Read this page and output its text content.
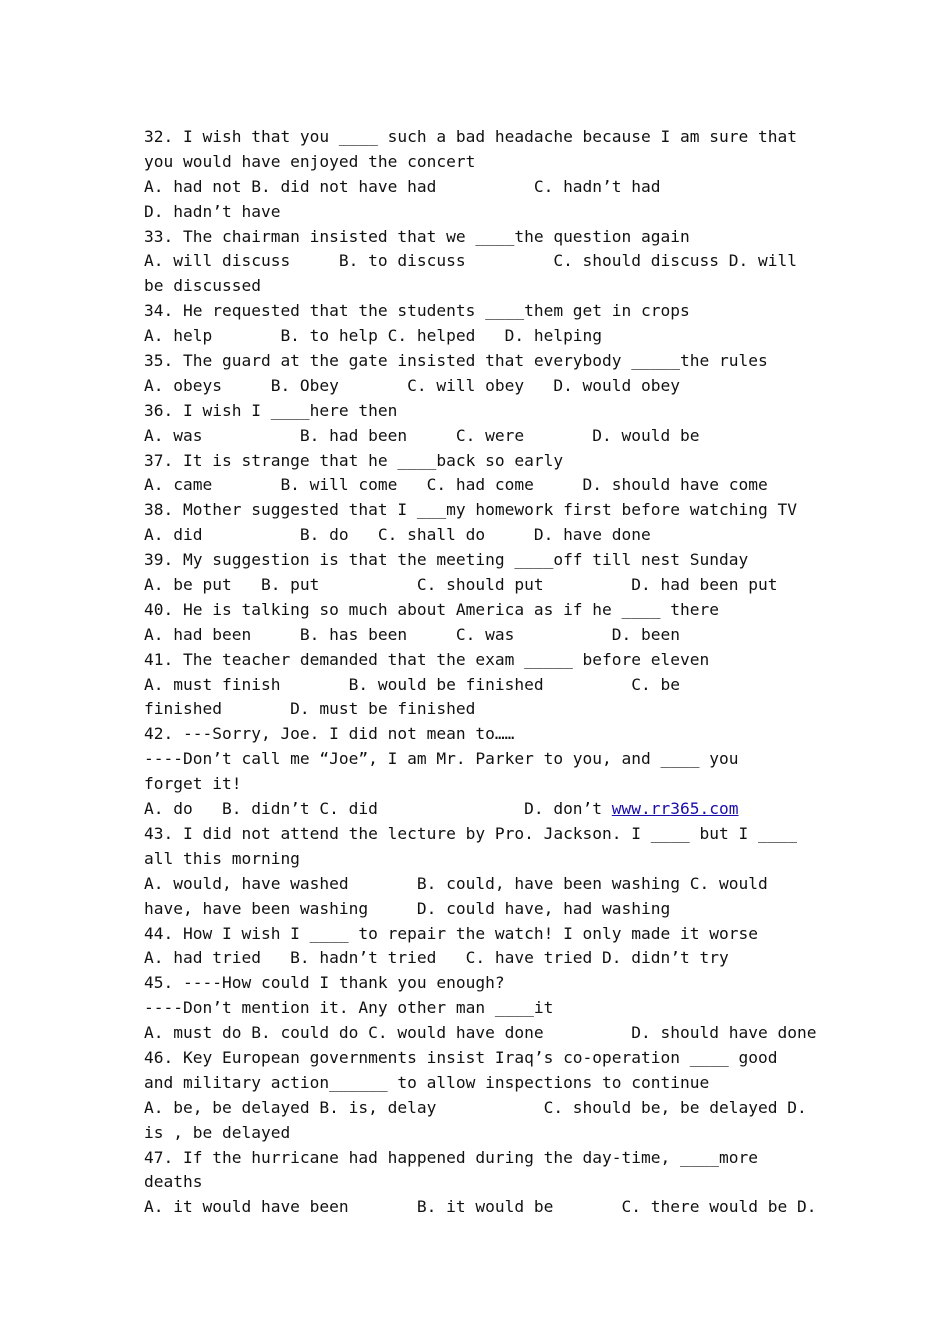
32. I wish that you ____ such a bad headache because I am sure that
you would have enjoyed the concert
A. had not B. did not have had          C. hadn’t had
D. hadn’t have
33. The chairman insisted that we ____the question again
A. will discuss     B. to discuss         C. should discuss D. will
be discussed
34. He requested that the students ____them get in crops
A. help       B. to help C. helped   D. helping
35. The guard at the gate insisted that everybody _____the rules
A. obeys     B. Obey       C. will obey   D. would obey
36. I wish I ____here then
A. was          B. had been     C. were       D. would be
37. It is strange that he ____back so early
A. came       B. will come   C. had come     D. should have come
38. Mother suggested that I ___my homework first before watching TV
A. did          B. do   C. shall do     D. have done
39. My suggestion is that the meeting ____off till nest Sunday
A. be put   B. put          C. should put         D. had been put
40. He is talking so much about America as if he ____ there
A. had been     B. has been     C. was          D. been
41. The teacher demanded that the exam _____ before eleven
A. must finish       B. would be finished         C. be
finished       D. must be finished
42. ---Sorry, Joe. I did not mean to……
----Don’t call me “Joe”, I am Mr. Parker to you, and ____ you
forget it!
A. do   B. didn’t C. did               D. don’t www.rr365.com
43. I did not attend the lecture by Pro. Jackson. I ____ but I ____
all this morning
A. would, have washed       B. could, have been washing C. would
have, have been washing     D. could have, had washing
44. How I wish I ____ to repair the watch! I only made it worse
A. had tried   B. hadn’t tried   C. have tried D. didn’t try
45. ----How could I thank you enough?
----Don’t mention it. Any other man ____it
A. must do B. could do C. would have done         D. should have done
46. Key European governments insist Iraq’s co-operation ____ good
and military action______ to allow inspections to continue
A. be, be delayed B. is, delay           C. should be, be delayed D.
is , be delayed
47. If the hurricane had happened during the day-time, ____more
deaths
A. it would have been       B. it would be       C. there would be D.
